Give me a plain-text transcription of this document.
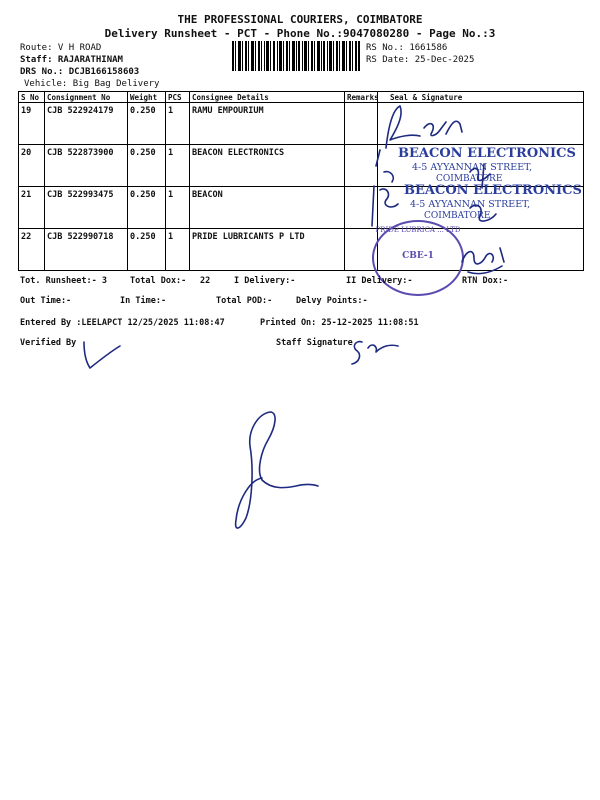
THE PROFESSIONAL COURIERS, COIMBATORE
Delivery Runsheet - PCT - Phone No.:9047080280 - Page No.:3
Route: V H ROAD
Staff: RAJARATHINAM
DRS No.: DCJB166158603
Vehicle: Big Bag Delivery
RS No.: 1661586
RS Date: 25-Dec-2025
S No	Consignment No	Weight	PCS	Consignee Details	Remarks	Seal & Signature
19	CJB 522924179	0.250	1	RAMU EMPOURIUM		
20	CJB 522873900	0.250	1	BEACON ELECTRONICS		
21	CJB 522993475	0.250	1	BEACON		
22	CJB 522990718	0.250	1	PRIDE LUBRICANTS P LTD		
BEACON ELECTRONICS
4-5 AYYANNAN STREET,
COIMBATORE
BEACON ELECTRONICS
4-5 AYYANNAN STREET,
COIMBATORE
PRIDE LUBRICA ... LTD
CBE-1
Tot. Runsheet:- 3	Total Dox:- 22	I Delivery:-	II Delivery:-	RTN Dox:-
Out Time:-	In Time:-	Total POD:-	Delvy Points:-
Entered By :LEELAPCT 12/25/2025 11:08:47	Printed On: 25-12-2025 11:08:51
Verified By	Staff Signature
